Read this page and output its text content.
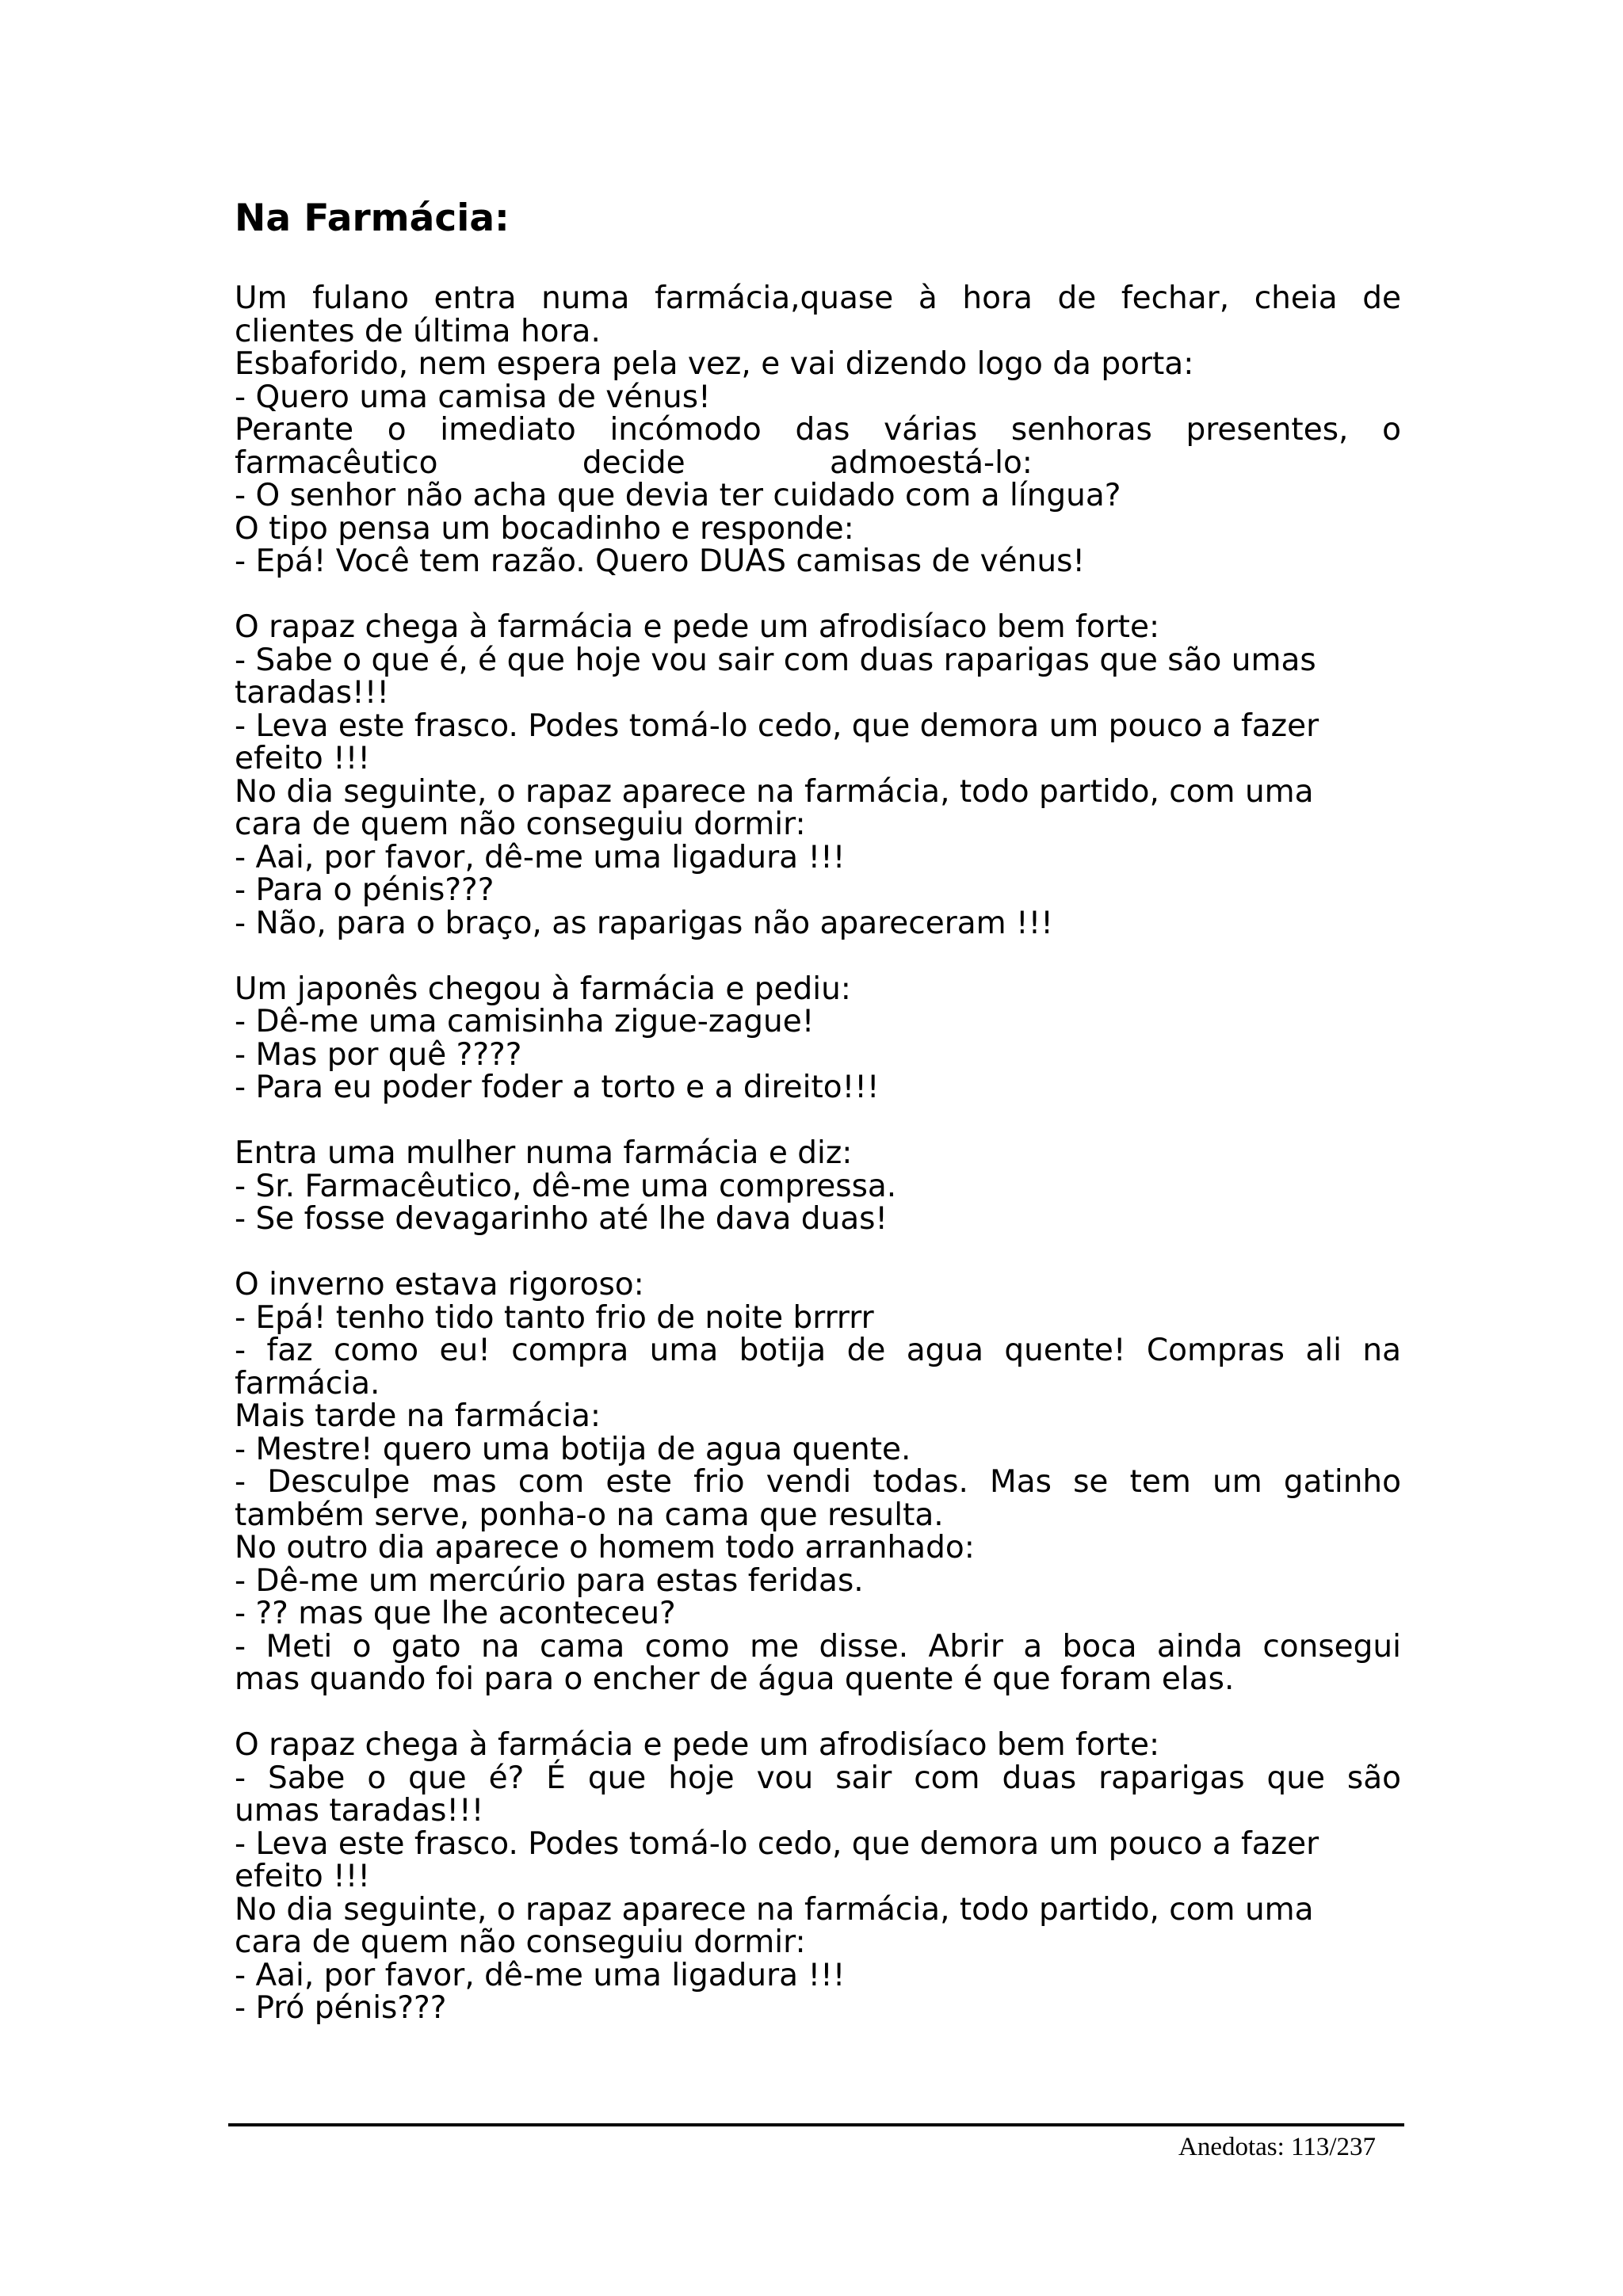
Na Farmácia:
Um fulano entra numa farmácia,quase à hora de fechar, cheia de
clientes de última hora.
Esbaforido, nem espera pela vez, e vai dizendo logo da porta:
- Quero uma camisa de vénus!
Perante o imediato incómodo das várias senhoras presentes, o
farmacêutico decide admoestá-lo:
- O senhor não acha que devia ter cuidado com a língua?
O tipo pensa um bocadinho e responde:
- Epá! Você tem razão. Quero DUAS camisas de vénus!
O rapaz chega à farmácia e pede um afrodisíaco bem forte:
- Sabe o que é, é que hoje vou sair com duas raparigas que são umas
taradas!!!
- Leva este frasco. Podes tomá-lo cedo, que demora um pouco a fazer
efeito !!!
No dia seguinte, o rapaz aparece na farmácia, todo partido, com uma
cara de quem não conseguiu dormir:
- Aai, por favor, dê-me uma ligadura !!!
- Para o pénis???
- Não, para o braço, as raparigas não apareceram !!!
Um japonês chegou à farmácia e pediu:
- Dê-me uma camisinha zigue-zague!
- Mas por quê ????
- Para eu poder foder a torto e a direito!!!
Entra uma mulher numa farmácia e diz:
- Sr. Farmacêutico, dê-me uma compressa.
- Se fosse devagarinho até lhe dava duas!
O inverno estava rigoroso:
- Epá! tenho tido tanto frio de noite brrrrr
- faz como eu! compra uma botija de agua quente! Compras ali na
farmácia.
Mais tarde na farmácia:
- Mestre! quero uma botija de agua quente.
- Desculpe mas com este frio vendi todas. Mas se tem um gatinho
também serve, ponha-o na cama que resulta.
No outro dia aparece o homem todo arranhado:
- Dê-me um mercúrio para estas feridas.
- ?? mas que lhe aconteceu?
- Meti o gato na cama como me disse. Abrir a boca ainda consegui
mas quando foi para o encher de água quente é que foram elas.
O rapaz chega à farmácia e pede um afrodisíaco bem forte:
- Sabe o que é? É que hoje vou sair com duas raparigas que são
umas taradas!!!
- Leva este frasco. Podes tomá-lo cedo, que demora um pouco a fazer
efeito !!!
No dia seguinte, o rapaz aparece na farmácia, todo partido, com uma
cara de quem não conseguiu dormir:
- Aai, por favor, dê-me uma ligadura !!!
- Pró pénis???
Anedotas: 113/237
